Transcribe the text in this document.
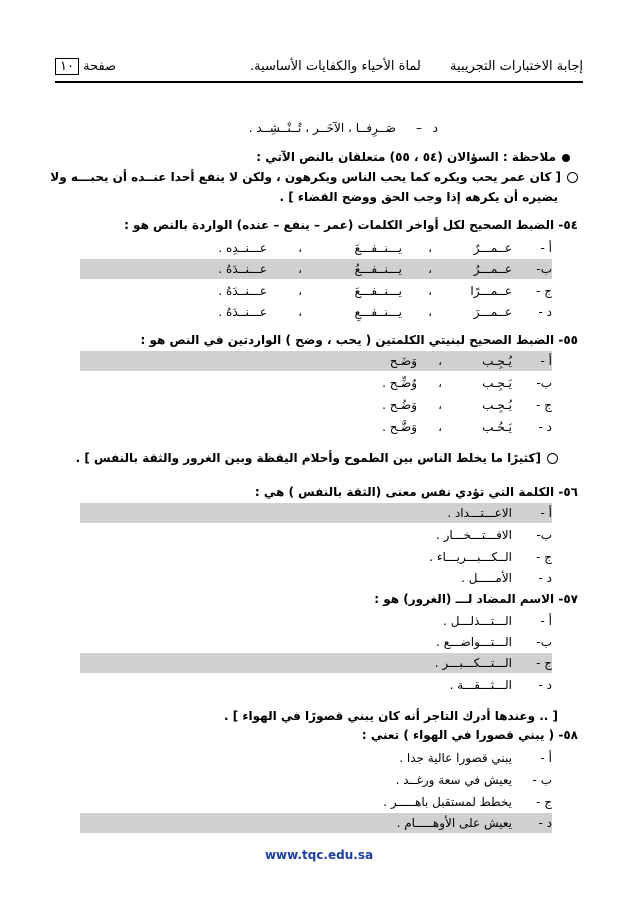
إجابة الاختبارات التجريبية
لماة الأحياء والكفايات الأساسية.
صفحة ١٠
د
–
صَــرِفــا ، الآخَــر ، تُــنْــشِــد .
ملاحظة : السؤالان (٥٤ ، ٥٥) متعلقان بالنص الآتي :
[ كان عمر يحب ويكره كما يحب الناس ويكرهون ، ولكن لا ينفع أحدا عنــده أن يحبـــه ولا
يضيره أن يكرهه إذا وجب الحق ووضح القضاء ] .
٥٤- الضبط الصحيح لكل أواخر الكلمات (عمر – ينفع – عنده) الواردة بالنص هو :
أ -
عــمـــرٌ
،
يـــنــفـــعَ
،
عـــنــدِه .
ب-
عــمـــرُ
،
يـــنــفـــعُ
،
عـــنــدَهُ .
ج -
عــمـــرًا
،
يـــنــفـــعَ
،
عـــنــدَهُ .
د -
عــمـــرَ
،
يـــنــفـــعِ
،
عـــنــدَهُ .
٥٥- الضبط الصحيح لبنيتي الكلمتين ( يحب ، وضح ) الواردتين في النص هو :
أ -
يُـجِـب
،
وَضَـح
ب-
يَـجِـب
،
وُضِّـح .
ج -
يُـجِـب
،
وَضُـح .
د -
يَـحُـب
،
وَضَّـح .
[كثيرًا ما يخلط الناس بين الطموح وأحلام اليقظة وبين الغرور والثقة بالنفس ] .
٥٦- الكلمة التي تؤدي نفس معنى (الثقة بالنفس ) هي :
أ -
الاعـــتـــداد .
ب-
الافـــتـــخـــار .
ج -
الــكـــبـــريـــاء .
د -
الأمـــــل .
٥٧- الاسم المضاد لـــ (الغرور) هو :
أ -
الـــتـــذلـــل .
ب-
الـــتـــواضـــع .
ج -
الـــتـــكـــبـــر .
د -
الـــثـــقـــة .
[ .. وعندها أدرك التاجر أنه كان يبني قصورًا في الهواء ] .
٥٨- ( يبني قصورا في الهواء ) تعني :
أ -
يبني قصورا عالية جدا .
ب -
يعيش في سعة ورغــد .
ج -
يخطط لمستقبل باهـــــر .
د -
يعيش على الأوهـــــام .
www.tqc.edu.sa
